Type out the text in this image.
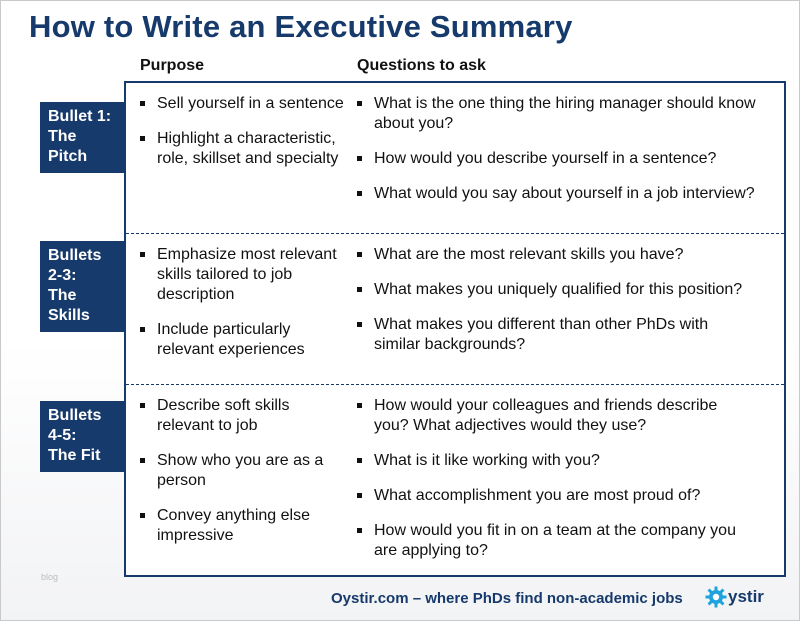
How to Write an Executive Summary
Purpose	Questions to ask
Bullet 1:
The
Pitch
Sell yourself in a sentence
Highlight a characteristic, role, skillset and specialty
What is the one thing the hiring manager should know about you?
How would you describe yourself in a sentence?
What would you say about yourself in a job interview?
Bullets
2-3:
The
Skills
Emphasize most relevant skills tailored to job description
Include particularly relevant experiences
What are the most relevant skills you have?
What makes you uniquely qualified for this position?
What makes you different than other PhDs with similar backgrounds?
Bullets
4-5:
The Fit
Describe soft skills relevant to job
Show who you are as a person
Convey anything else impressive
How would your colleagues and friends describe you? What adjectives would they use?
What is it like working with you?
What accomplishment you are most proud of?
How would you fit in on a team at the company you are applying to?
blog
Oystir.com – where PhDs find non-academic jobs	ystir
